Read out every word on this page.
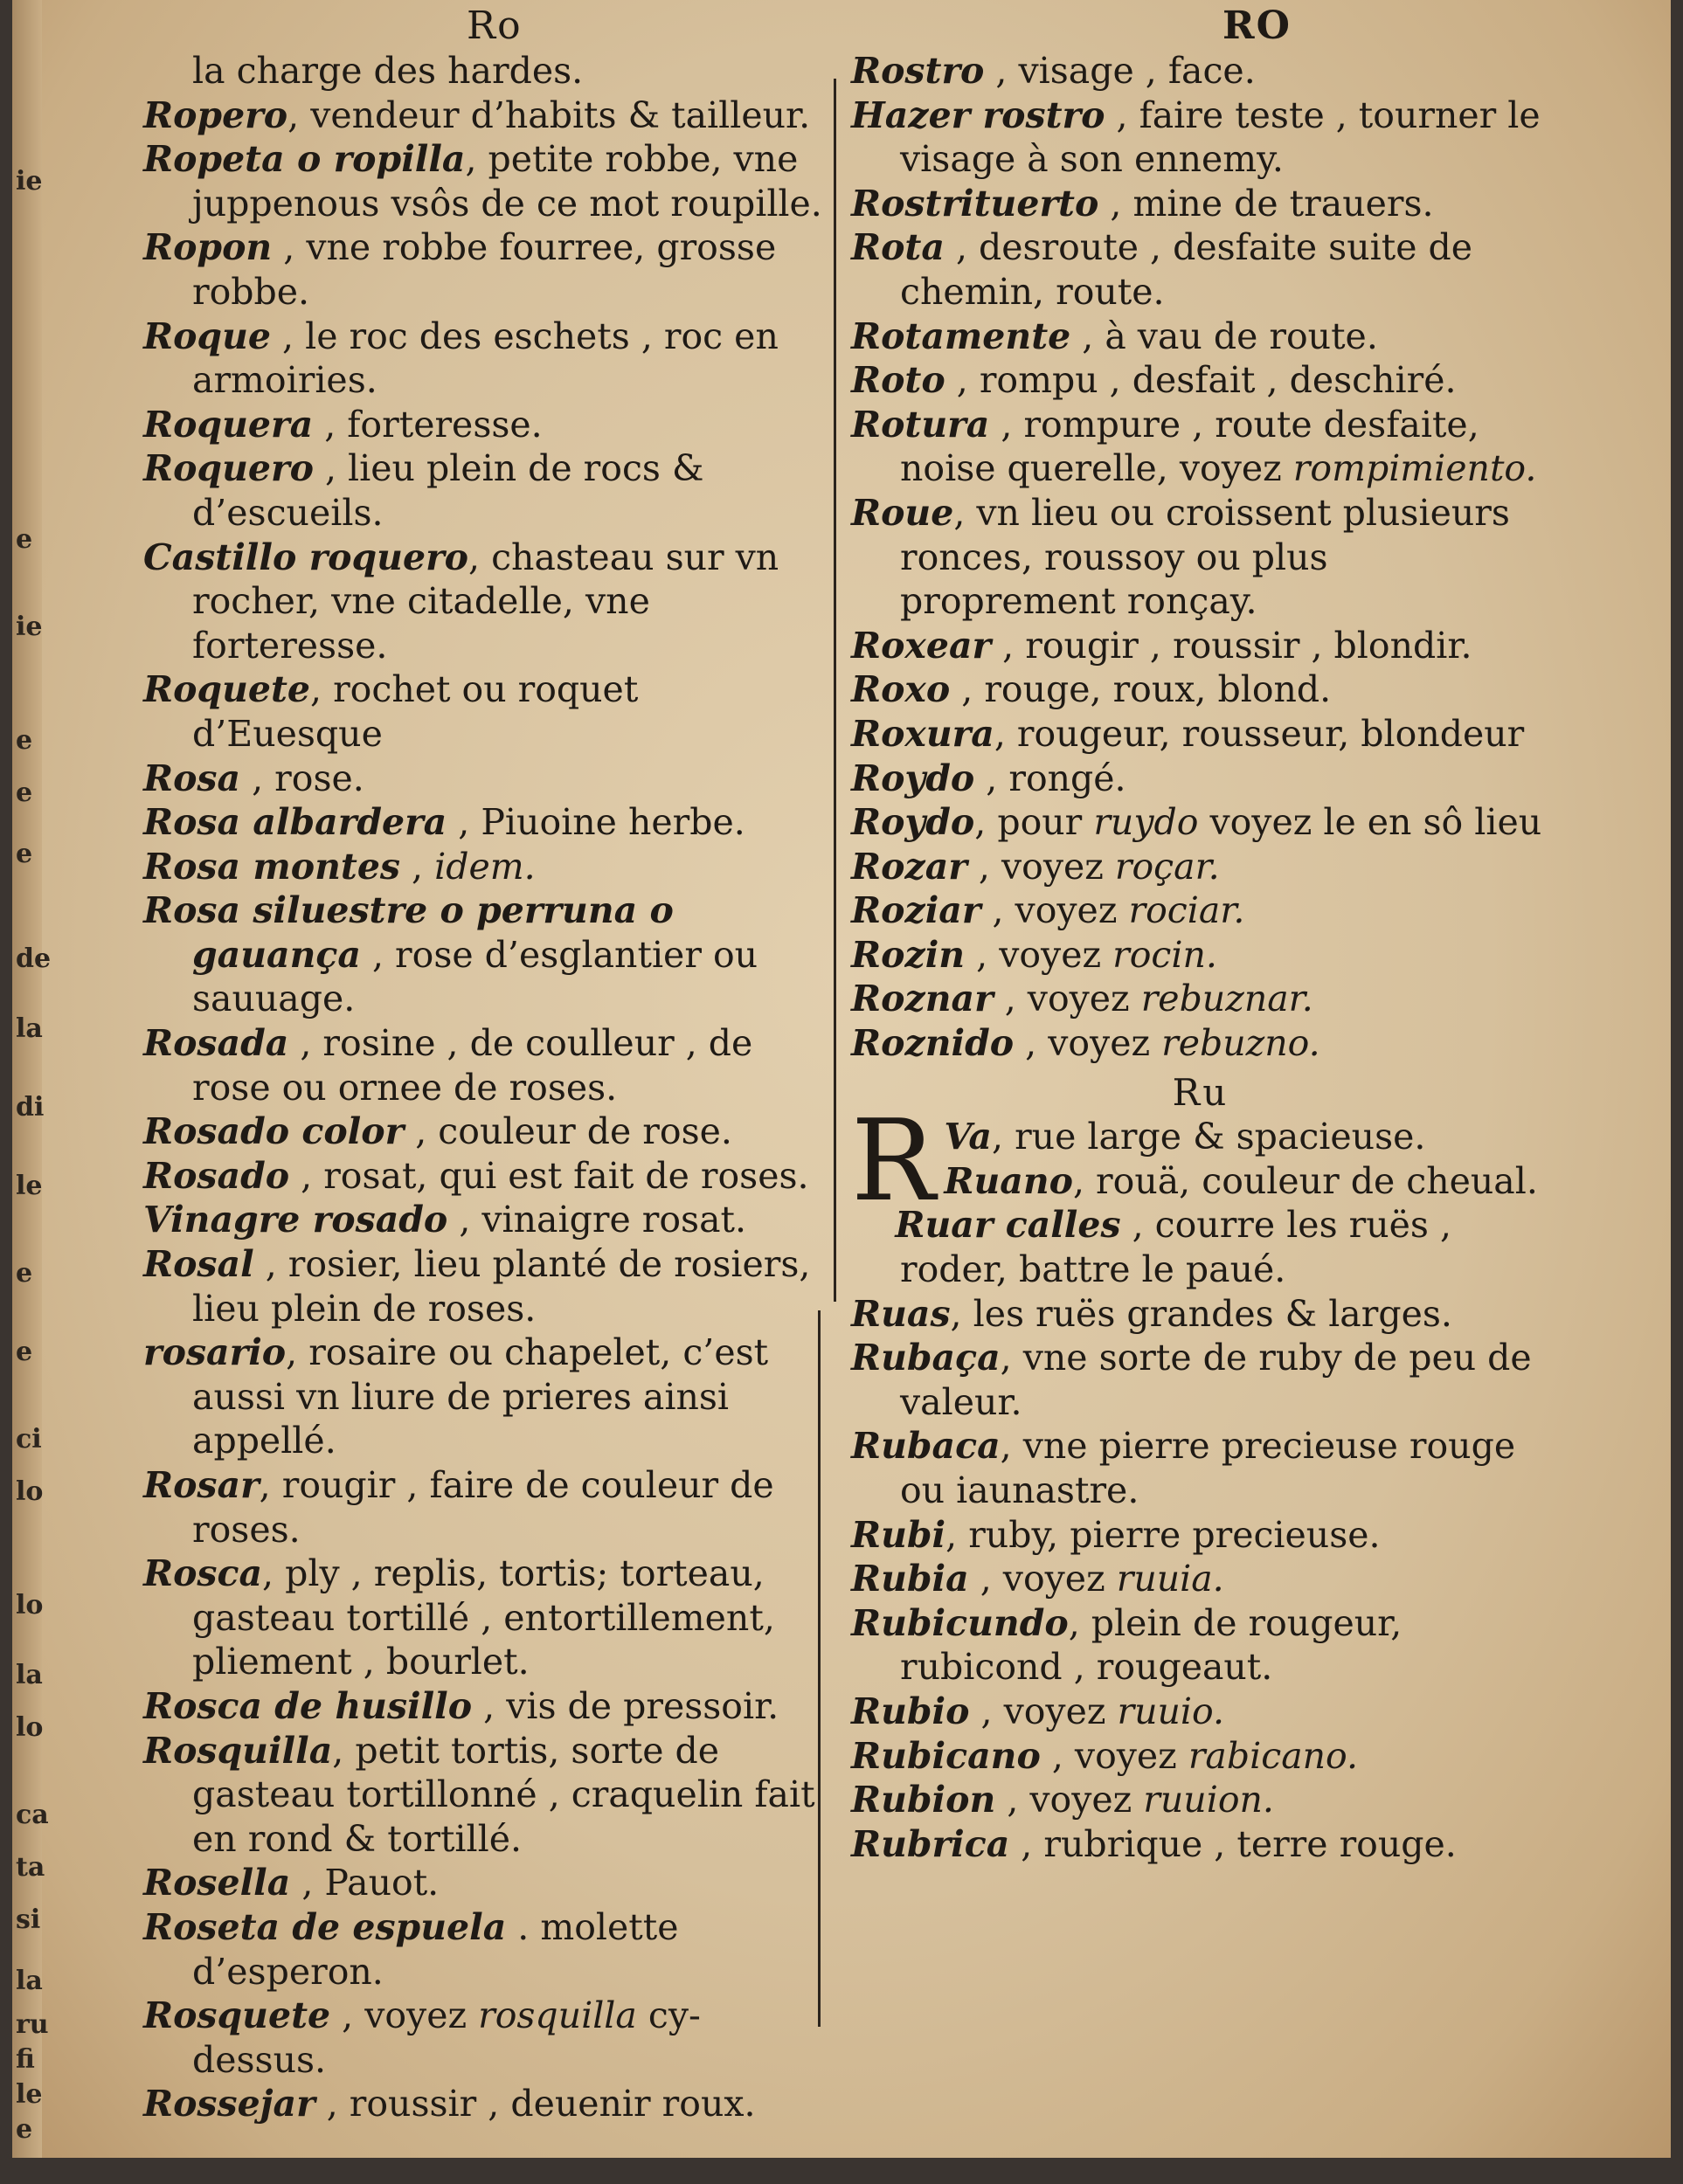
ie
e
ie
e
e
e
de
la
di
le
e
e
ci
lo
lo
la
lo
ca
ta
si
la
ru
fi
le
e
Ro	RO

la charge des hardes.

Ropero, vendeur d’habits & tailleur.

Ropeta o ropilla, petite robbe, vne juppenous vsôs de ce mot roupille.

Ropon , vne robbe fourree, grosse robbe.

Roque , le roc des eschets , roc en armoiries.

Roquera , forteresse.

Roquero , lieu plein de rocs & d’escueils.

Castillo roquero, chasteau sur vn rocher, vne citadelle, vne forteresse.

Roquete, rochet ou roquet d’Euesque

Rosa , rose.

Rosa albardera , Piuoine herbe.

Rosa montes , idem.

Rosa siluestre o perruna o gauança , rose d’esglantier ou sauuage.

Rosada , rosine , de coulleur , de rose ou ornee de roses.

Rosado color , couleur de rose.

Rosado , rosat, qui est fait de roses.

Vinagre rosado , vinaigre rosat.

Rosal , rosier, lieu planté de rosiers, lieu plein de roses.

rosario, rosaire ou chapelet, c’est aussi vn liure de prieres ainsi appellé.

Rosar, rougir , faire de couleur de roses.

Rosca, ply , replis, tortis; torteau, gasteau tortillé , entortillement, pliement , bourlet.

Rosca de husillo , vis de pressoir.

Rosquilla, petit tortis, sorte de gasteau tortillonné , craquelin fait en rond & tortillé.

Rosella , Pauot.

Roseta de espuela . molette d’esperon.

Rosquete , voyez rosquilla cy-dessus.

Rossejar , roussir , deuenir roux.

Rostro , visage , face.

Hazer rostro , faire teste , tourner le visage à son ennemy.

Rostrituerto , mine de trauers.

Rota , desroute , desfaite suite de chemin, route.

Rotamente , à vau de route.

Roto , rompu , desfait , deschiré.

Rotura , rompure , route desfaite, noise querelle, voyez rompimiento.

Roue, vn lieu ou croissent plusieurs ronces, roussoy ou plus proprement ronçay.

Roxear , rougir , roussir , blondir.

Roxo , rouge, roux, blond.

Roxura, rougeur, rousseur, blondeur

Roydo , rongé.

Roydo, pour ruydo voyez le en sô lieu

Rozar , voyez roçar.

Roziar , voyez rociar.

Rozin , voyez rocin.

Roznar , voyez rebuznar.

Roznido , voyez rebuzno.

Ru
R Va, rue large & spacieuse.

Ruano, rouä, couleur de cheual.

Ruar calles , courre les ruës , roder, battre le paué.

Ruas, les ruës grandes & larges.

Rubaça, vne sorte de ruby de peu de valeur.

Rubaca, vne pierre precieuse rouge ou iaunastre.

Rubi, ruby, pierre precieuse.

Rubia , voyez ruuia.

Rubicundo, plein de rougeur, rubicond , rougeaut.

Rubio , voyez ruuio.

Rubicano , voyez rabicano.

Rubion , voyez ruuion.

Rubrica , rubrique , terre rouge.
